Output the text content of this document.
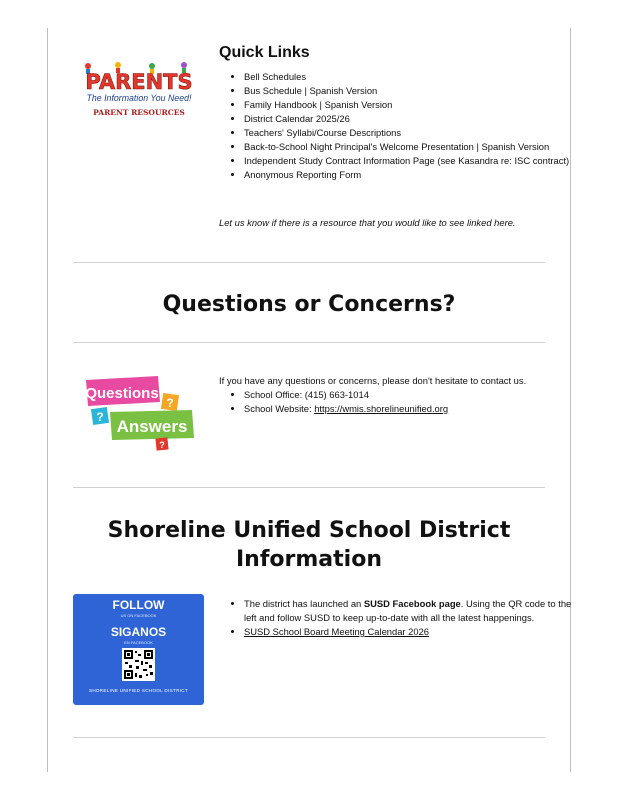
PARENTS
The Information You Need!
PARENT RESOURCES
Quick Links
• Bell Schedules
• Bus Schedule | Spanish Version
• Family Handbook | Spanish Version
• District Calendar 2025/26
• Teachers' Syllabi/Course Descriptions
• Back-to-School Night Principal's Welcome Presentation | Spanish Version
• Independent Study Contract Information Page (see Kasandra re: ISC contract)
• Anonymous Reporting Form

Let us know if there is a resource that you would like to see linked here.

Questions or Concerns?
Questions
?
?
Answers
?

If you have any questions or concerns, please don't hesitate to contact us.

• School Office: (415) 663-1014
• School Website: https://wmis.shorelineunified.org
Shoreline Unified School District Information

FOLLOW

US ON FACEBOOK

SIGANOS

EN FACEBOOK

SHORELINE UNIFIED SCHOOL DISTRICT

• The district has launched an SUSD Facebook page. Using the QR code to the left and follow SUSD to keep up-to-date with all the latest happenings.
• SUSD School Board Meeting Calendar 2026
